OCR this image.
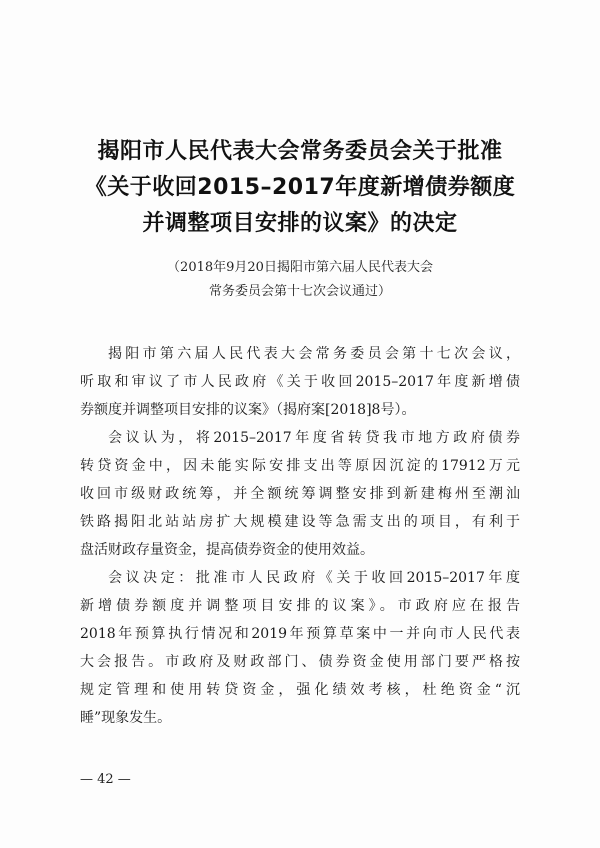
揭阳市人民代表大会常务委员会关于批准
《关于收回2015–2017年度新增债券额度
并调整项目安排的议案》的决定
（2018年9月20日揭阳市第六届人民代表大会
常务委员会第十七次会议通过）
揭阳市第六届人民代表大会常务委员会第十七次会议，
听取和审议了市人民政府《关于收回2015–2017年度新增债
券额度并调整项目安排的议案》（揭府案[2018]8号）。
会议认为，将2015–2017年度省转贷我市地方政府债券
转贷资金中，因未能实际安排支出等原因沉淀的17912万元
收回市级财政统筹，并全额统筹调整安排到新建梅州至潮汕
铁路揭阳北站站房扩大规模建设等急需支出的项目，有利于
盘活财政存量资金，提高债券资金的使用效益。
会议决定：批准市人民政府《关于收回2015–2017年度
新增债券额度并调整项目安排的议案》。市政府应在报告
2018年预算执行情况和2019年预算草案中一并向市人民代表
大会报告。市政府及财政部门、债券资金使用部门要严格按
规定管理和使用转贷资金，强化绩效考核，杜绝资金“沉
睡”现象发生。
— 42 —
